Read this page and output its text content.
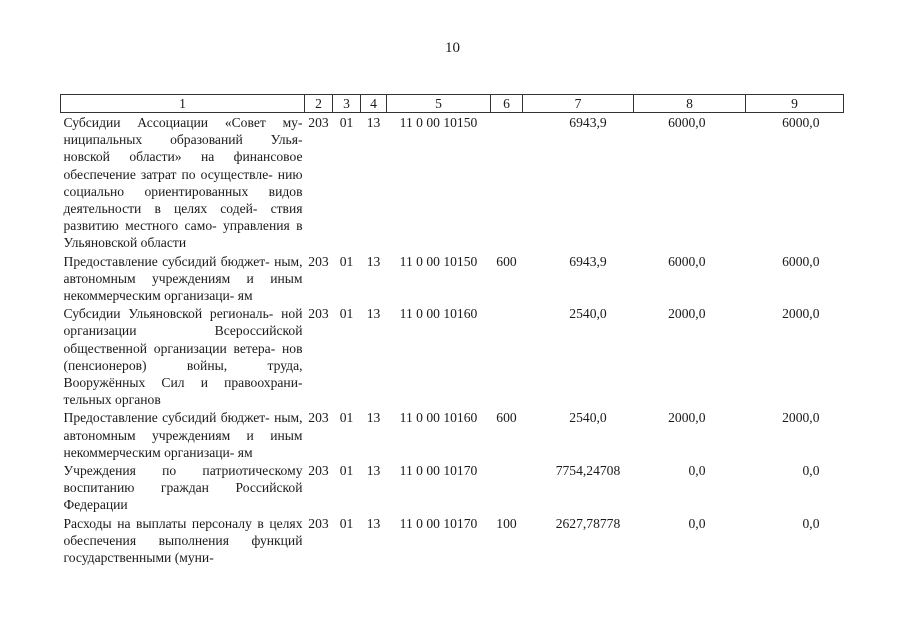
10
1	2	3	4	5	6	7	8	9
Субсидии Ассоциации «Совет му- ниципальных образований Улья- новской области» на финансовое обеспечение затрат по осуществле- нию социально ориентированных видов деятельности в целях содей- ствия развитию местного само- управления в Ульяновской области	203	01	13	11 0 00 10150		6943,9	6000,0	6000,0
Предоставление субсидий бюджет- ным, автономным учреждениям и иным некоммерческим организаци- ям	203	01	13	11 0 00 10150	600	6943,9	6000,0	6000,0
Субсидии Ульяновской региональ- ной организации Всероссийской общественной организации ветера- нов (пенсионеров) войны, труда, Вооружённых Сил и правоохрани- тельных органов	203	01	13	11 0 00 10160		2540,0	2000,0	2000,0
Предоставление субсидий бюджет- ным, автономным учреждениям и иным некоммерческим организаци- ям	203	01	13	11 0 00 10160	600	2540,0	2000,0	2000,0
Учреждения по патриотическому воспитанию граждан Российской Федерации	203	01	13	11 0 00 10170		7754,24708	0,0	0,0
Расходы на выплаты персоналу в целях обеспечения выполнения функций государственными (муни-	203	01	13	11 0 00 10170	100	2627,78778	0,0	0,0
